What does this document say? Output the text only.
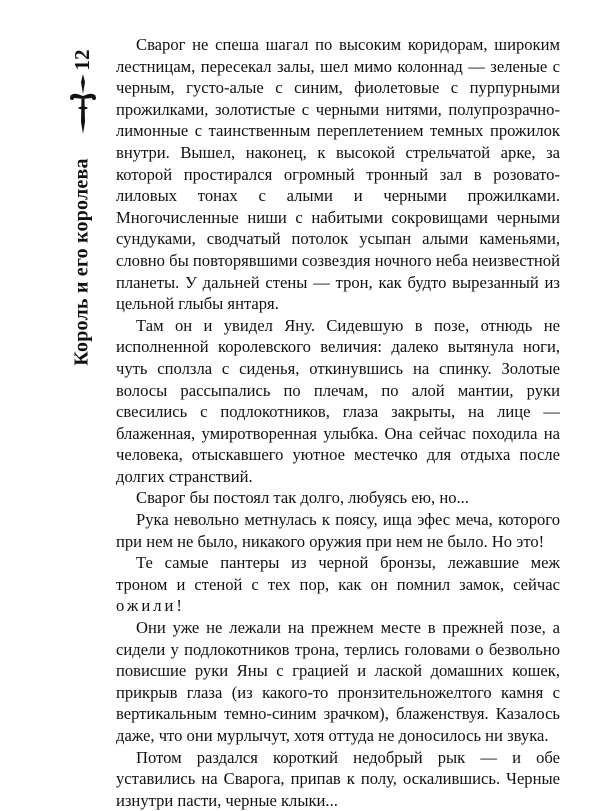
12
Король и его королева

Сварог не спеша шагал по высоким коридорам, широким лестницам, пересекал залы, шел мимо колоннад — зеленые с черным, густо-алые с синим, фиолетовые с пурпурными прожилками, золотистые с черными нитями, полупрозрачно-лимонные с таинственным переплетением темных прожилок внутри. Вышел, наконец, к высокой стрельчатой арке, за которой простирался огромный тронный зал в розовато-лиловых тонах с алыми и черными прожилками. Многочисленные ниши с набитыми сокровищами черными сундуками, сводчатый потолок усыпан алыми каменьями, словно бы повторявшими созвездия ночного неба неизвестной планеты. У дальней стены — трон, как будто вырезанный из цельной глыбы янтаря.

Там он и увидел Яну. Сидевшую в позе, отнюдь не исполненной королевского величия: далеко вытянула ноги, чуть сползла с сиденья, откинувшись на спинку. Золотые волосы рассыпались по плечам, по алой мантии, руки свесились с подлокотников, глаза закрыты, на лице — блаженная, умиротворенная улыбка. Она сейчас походила на человека, отыскавшего уютное местечко для отдыха после долгих странствий.

Сварог бы постоял так долго, любуясь ею, но...

Рука невольно метнулась к поясу, ища эфес меча, которого при нем не было, никакого оружия при нем не было. Но это!

Те самые пантеры из черной бронзы, лежавшие меж троном и стеной с тех пор, как он помнил замок, сейчас ожили!

Они уже не лежали на прежнем месте в прежней позе, а сидели у подлокотников трона, терлись головами о безвольно повисшие руки Яны с грацией и лаской домашних кошек, прикрыв глаза (из какого-то пронзительножелтого камня с вертикальным темно-синим зрачком), блаженствуя. Казалось даже, что они мурлычут, хотя оттуда не доносилось ни звука.

Потом раздался короткий недобрый рык — и обе уставились на Сварога, припав к полу, оскалившись. Черные изнутри пасти, черные клыки...
